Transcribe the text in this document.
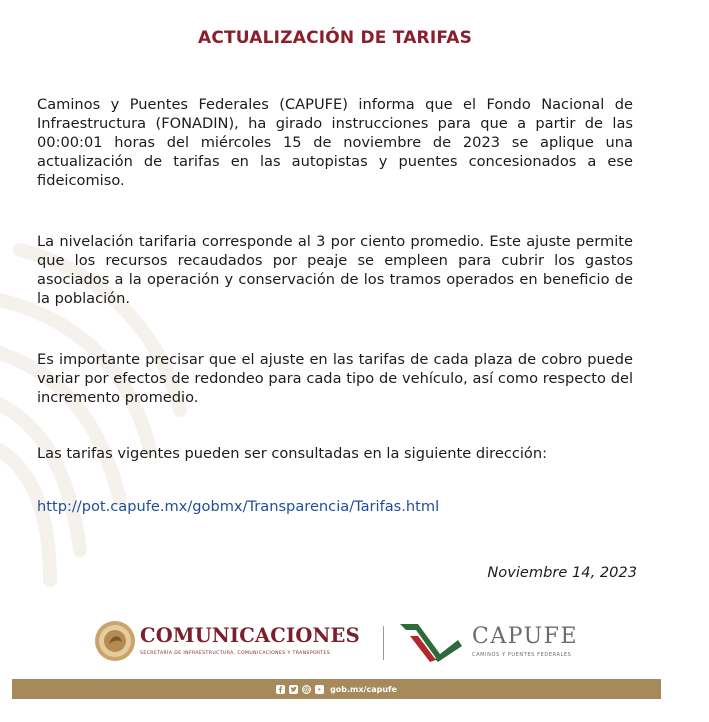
ACTUALIZACIÓN DE TARIFAS

Caminos y Puentes Federales (CAPUFE) informa que el Fondo Nacional de Infraestructura (FONADIN), ha girado instrucciones para que a partir de las 00:00:01 horas del miércoles 15 de noviembre de 2023 se aplique una actualización de tarifas en las autopistas y puentes concesionados a ese fideicomiso.

La nivelación tarifaria corresponde al 3 por ciento promedio. Este ajuste permite que los recursos recaudados por peaje se empleen para cubrir los gastos asociados a la operación y conservación de los tramos operados en beneficio de la población.

Es importante precisar que el ajuste en las tarifas de cada plaza de cobro puede variar por efectos de redondeo para cada tipo de vehículo, así como respecto del incremento promedio.

Las tarifas vigentes pueden ser consultadas en la siguiente dirección:

http://pot.capufe.mx/gobmx/Transparencia/Tarifas.html
Noviembre 14, 2023
COMUNICACIONES
SECRETARÍA DE INFRAESTRUCTURA, COMUNICACIONES Y TRANSPORTES
CAPUFE
CAMINOS Y PUENTES FEDERALES
gob.mx/capufe
